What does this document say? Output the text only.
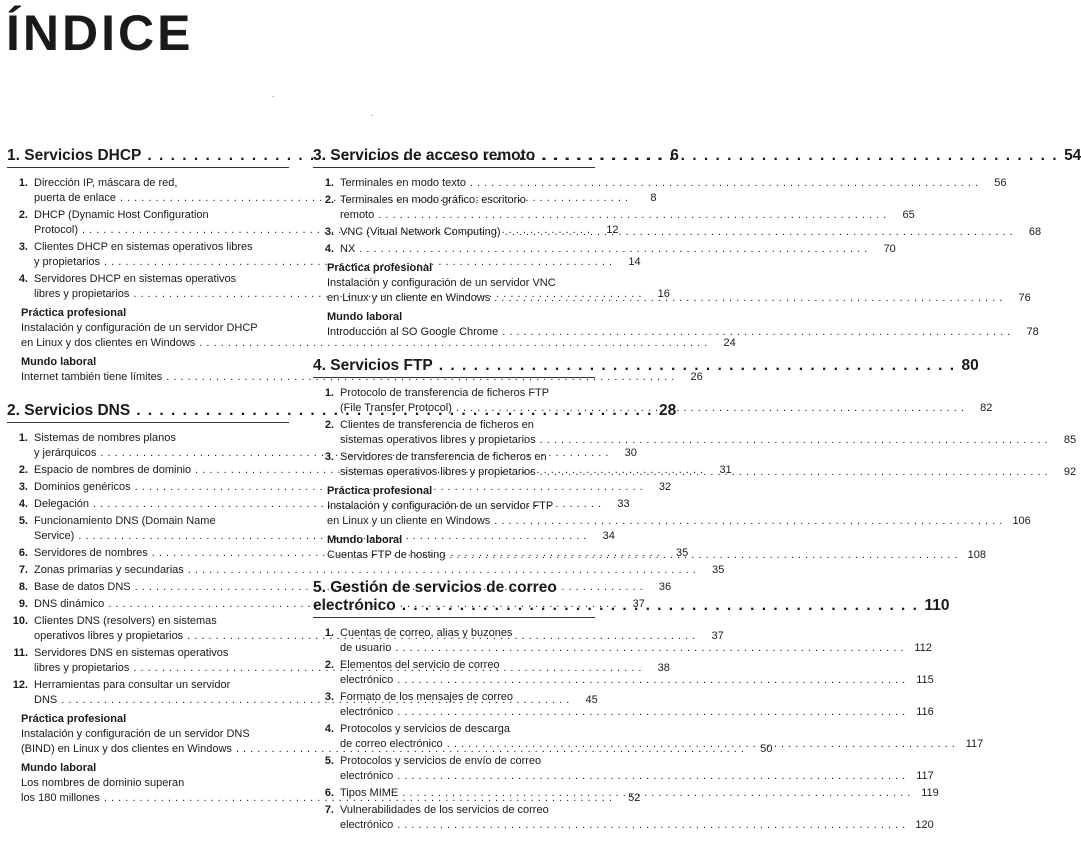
ÍNDICE
1. Servicios DHCP . . .	6
1. Dirección IP, máscara de red,
puerta de enlace . . .	8
2. DHCP (Dynamic Host Configuration
Protocol) . . .	12
3. Clientes DHCP en sistemas operativos libres
y propietarios . . .	14
4. Servidores DHCP en sistemas operativos
libres y propietarios . . .	16
Práctica profesional
Instalación y configuración de un servidor DHCP
en Linux y dos clientes en Windows . . .	24
Mundo laboral
Internet también tiene límites . . .	26
2. Servicios DNS . . .	28
1. Sistemas de nombres planos
y jerárquicos . . .	30
2. Espacio de nombres de dominio . . .	31
3. Dominios genéricos . . .	32
4. Delegación . . .	33
5. Funcionamiento DNS (Domain Name
Service) . . .	34
6. Servidores de nombres . . .	35
7. Zonas primarias y secundarias . . .	35
8. Base de datos DNS . . .	36
9. DNS dinámico . . .	37
10. Clientes DNS (resolvers) en sistemas
operativos libres y propietarios . . .	37
11. Servidores DNS en sistemas operativos
libres y propietarios . . .	38
12. Herramientas para consultar un servidor
DNS . . .	45
Práctica profesional
Instalación y configuración de un servidor DNS
(BIND) en Linux y dos clientes en Windows . . .	50
Mundo laboral
Los nombres de dominio superan
los 180 millones . . .	52
3. Servicios de acceso remoto . . .	54
1. Terminales en modo texto . . .	56
2. Terminales en modo gráfico: escritorio
remoto . . .	65
3. VNC (Vitual Network Computing) . . .	68
4. NX . . .	70
Práctica profesional
Instalación y configuración de un servidor VNC
en Linux y un cliente en Windows . . .	76
Mundo laboral
Introducción al SO Google Chrome . . .	78
4. Servicios FTP . . .	80
1. Protocolo de transferencia de ficheros FTP
(File Transfer Protocol) . . .	82
2. Clientes de transferencia de ficheros en
sistemas operativos libres y propietarios . . .	85
3. Servidores de transferencia de ficheros en
sistemas operativos libres y propietarios . . .	92
Práctica profesional
Instalación y configuración de un servidor FTP
en Linux y un cliente en Windows . . .	106
Mundo laboral
Cuentas FTP de hosting . . .	108
5. Gestión de servicios de correo
electrónico . . .	110
1. Cuentas de correo, alias y buzones
de usuario . . .	112
2. Elementos del servicio de correo
electrónico . . .	115
3. Formato de los mensajes de correo
electrónico . . .	116
4. Protocolos y servicios de descarga
de correo electrónico . . .	117
5. Protocolos y servicios de envío de correo
electrónico . . .	117
6. Tipos MIME . . .	119
7. Vulnerabilidades de los servicios de correo
electrónico . . .	120
